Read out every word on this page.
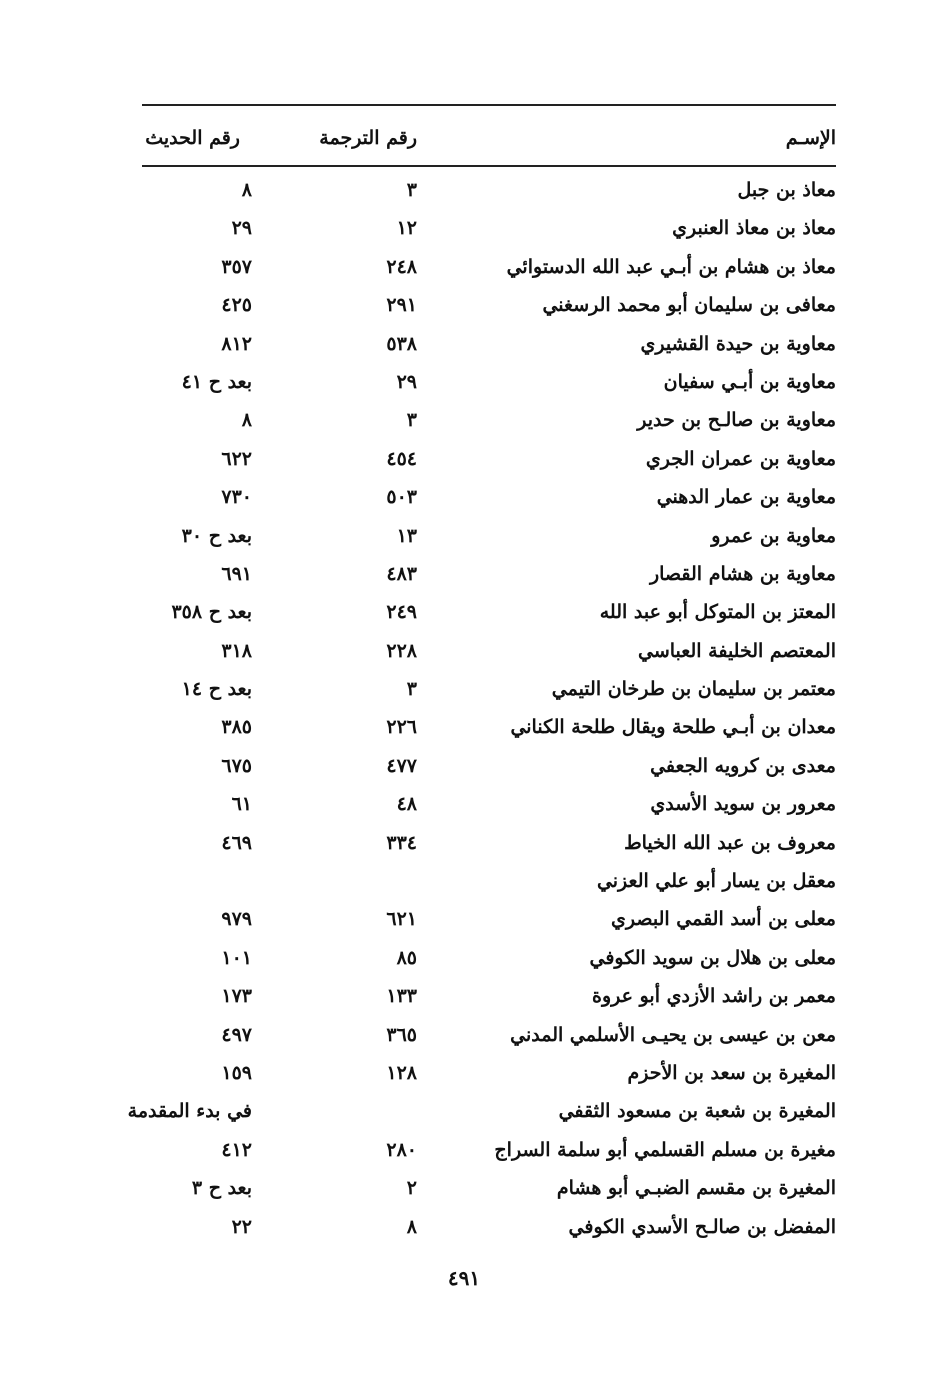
الإسـم
رقم الترجمة
رقم الحديث
معاذ بن جبل
٣
٨
معاذ بن معاذ العنبري
١٢
٢٩
معاذ بن هشام بن أبـي عبد الله الدستوائي
٢٤٨
٣٥٧
معافى بن سليمان أبو محمد الرسغني
٢٩١
٤٢٥
معاوية بن حيدة القشيري
٥٣٨
٨١٢
معاوية بن أبـي سفيان
٢٩
بعد ح ٤١
معاوية بن صالـح بن حدير
٣
٨
معاوية بن عمران الجري
٤٥٤
٦٢٢
معاوية بن عمار الدهني
٥٠٣
٧٣٠
معاوية بن عمرو
١٣
بعد ح ٣٠
معاوية بن هشام القصار
٤٨٣
٦٩١
المعتز بن المتوكل أبو عبد الله
٢٤٩
بعد ح ٣٥٨
المعتصم الخليفة العباسي
٢٢٨
٣١٨
معتمر بن سليمان بن طرخان التيمي
٣
بعد ح ١٤
معدان بن أبـي طلحة ويقال طلحة الكناني
٢٢٦
٣٨٥
معدى بن كرويه الجعفي
٤٧٧
٦٧٥
معرور بن سويد الأسدي
٤٨
٦١
معروف بن عبد الله الخياط
٣٣٤
٤٦٩
معقل بن يسار أبو علي العزني
معلى بن أسد القمي البصري
٦٢١
٩٧٩
معلى بن هلال بن سويد الكوفي
٨٥
١٠١
معمر بن راشد الأزدي أبو عروة
١٣٣
١٧٣
معن بن عيسى بن يحيـى الأسلمي المدني
٣٦٥
٤٩٧
المغيرة بن سعد بن الأحزم
١٢٨
١٥٩
المغيرة بن شعبة بن مسعود الثقفي
في بدء المقدمة
مغيرة بن مسلم القسلمي أبو سلمة السراج
٢٨٠
٤١٢
المغيرة بن مقسم الضبـي أبو هشام
٢
بعد ح ٣
المفضل بن صالـح الأسدي الكوفي
٨
٢٢
٤٩١
